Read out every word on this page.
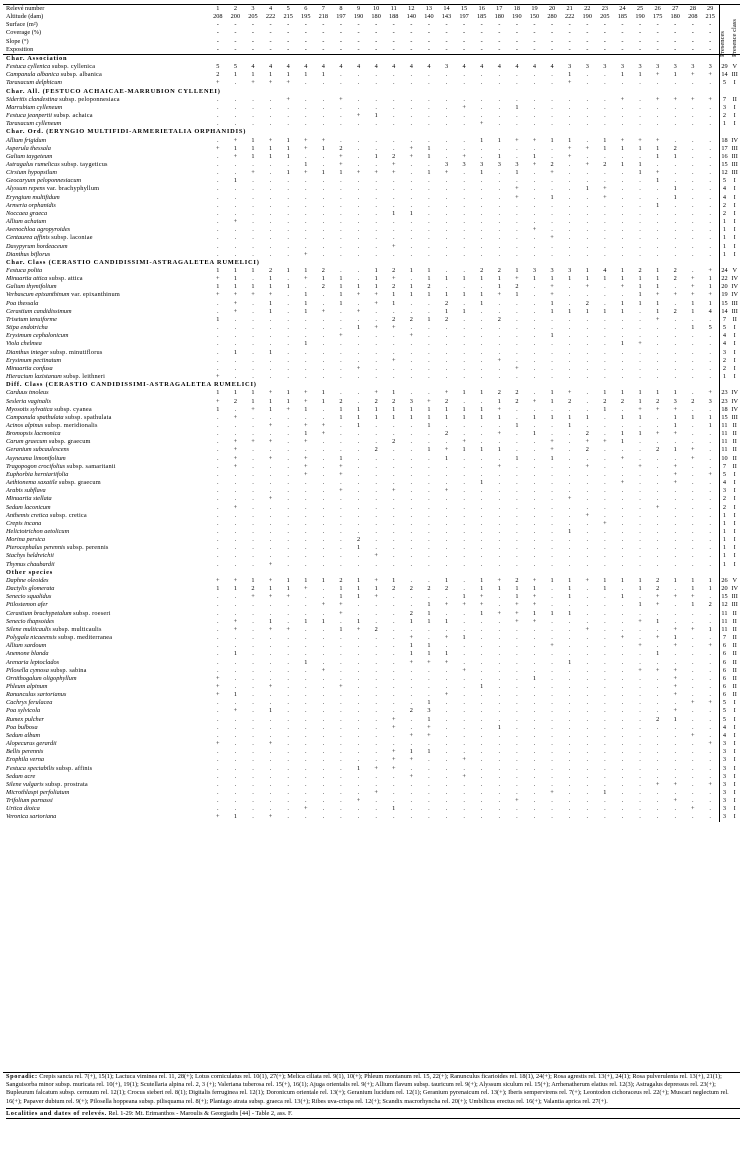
Relevé number	1	2	3	4	5	6	7	8	9	10	11	12	13	14	15	16	17	18	19	20	21	22	23	24	25	26	27	28	29		
Altitude (dam)	208	200	205	222	215	195	218	197	190	180	188	140	140	143	197	185	180	190	150	280	222	190	205	185	190	175	180	208	215		
Surface (m²)	-	-	-	-	-	-	-	-	-	-	-	-	-	-	-	-	-	-	-	-	-	-	-	-	-	-	-	-	-		
Coverage (%)	-	-	-	-	-	-	-	-	-	-	-	-	-	-	-	-	-	-	-	-	-	-	-	-	-	-	-	-	-		
Slope (°)	-	-	-	-	-	-	-	-	-	-	-	-	-	-	-	-	-	-	-	-	-	-	-	-	-	-	-	-	-		
Exposition	-	-	-	-	-	-	-	-	-	-	-	-	-	-	-	-	-	-	-	-	-	-	-	-	-	-	-	-	-		
Char. Association																															
Festuca cyllenica subsp. cyllenica	5	5	4	4	4	4	4	4	4	4	4	4	4	3	4	4	4	4	4	4	3	3	3	3	3	3	3	3	3	29	V
Campanula albanica subsp. albanica	2	1	1	1	1	1	1	.	.	.	.	.	.	.	.	.	.	.	.	.	1	.	.	1	1	+	1	+	+	14	III
Taraxacum delphicum	+	.	+	+	+	.	.	.	.	.	.	.	.	.	.	.	.	.	.	.	+	.	.	.	.	.	.	.	.	5	I
Char. All. (FESTUCO ACHAICAE-MARRUBION CYLLENEI)																															
Sideritis clandestina subsp. peloponnesiaca	.	.	.	.	+	.	.	+	.	.	.	.	.	.	.	.	.	.	.	.	.	.	.	+	.	+	+	+	+	7	II
Marrubium cylleneum	.	.	.	.	.	.	.	.	.	.	.	.	.	.	+	.	.	1	.	.	.	.	.	.	.	.	.	.	.	3	I
Festuca jeanpertii subsp. achaica	.	.	.	.	.	.	.	.	+	1	.	.	.	.	.	.	.	.	.	.	.	.	.	.	.	.	.	.	.	2	I
Taraxacum cylleneum	.	.	.	.	.	.	.	.	.	.	.	.	.	.	.	+	.	.	.	.	.	.	.	.	.	.	.	.	.	1	I
Char. Ord. (ERYNGIO MULTIFIDI-ARMERIETALIA ORPHANIDIS)																															
Allium frigidum	.	+	1	+	1	+	+	.	.	.	.	.	.	.	.	1	1	+	+	1	1	.	1	+	+	+	.	.	.	18	IV
Asperula thessala	+	1	1	1	1	+	1	2	.	.	.	+	1	.	.	.	.	.	.	.	+	+	1	1	1	1	2	.	.	17	III
Galium taygeteum	.	+	1	1	1	.	.	+	.	1	2	+	1	.	+	.	1	.	1	.	+	.	.	.	.	1	1	.	.	16	III
Astragalus rumelicus subsp. taygeticus	.	.	.	.	.	1	.	+	.	.	+	.	.	3	3	3	3	3	+	2	.	+	2	1	1	.	.	.	.	15	III
Cirsium hypopsilum	.	.	+	.	1	+	1	1	+	+	+	.	1	+	.	1	.	1	.	+	.	.	.	.	1	+	.	.	.	12	III
Geocaryum peloponnesiacum	.	1	.	.	.	.	.	.	.	.	.	.	.	.	.	.	.	.	.	.	.	.	.	.	.	1	.	.	.	5	I
Alyssum repens var. brachyphyllum	.	.	.	.	.	.	.	.	.	.	.	.	.	.	.	.	.	+	.	.	.	1	+	.	.	.	1	.	.	4	I
Eryngium multifidum	.	.	.	.	.	.	.	.	.	.	.	.	.	.	.	.	.	+	.	1	.	.	+	.	.	.	1	.	.	4	I
Armeria orphanidis	.	.	.	.	.	.	.	.	.	.	.	.	.	.	.	.	.	.	.	.	.	.	.	.	.	1	.	.	.	2	I
Noccaea graeca	.	.	.	.	.	.	.	.	.	.	1	1	.	.	.	.	.	.	.	.	.	.	.	.	.	.	.	.	.	2	I
Allium achaium	.	+	.	.	.	.	.	.	.	.	.	.	.	.	.	.	.	.	.	.	.	.	.	.	.	.	.	.	.	1	I
Avenochloa agropyroides	.	.	.	.	.	.	.	.	.	.	.	.	.	.	.	.	.	.	+	.	.	.	.	.	.	.	.	.	.	1	I
Centaurea affinis subsp. laconiae	.	.	.	.	.	.	.	.	.	.	.	.	.	.	.	.	.	.	.	+	.	.	.	.	.	.	.	.	.	1	I
Dasypyrum hordeaceum	.	.	.	.	.	.	.	.	.	.	+	.	.	.	.	.	.	.	.	.	.	.	.	.	.	.	.	.	.	1	I
Dianthus biflorus	.	.	.	.	.	+	.	.	.	.	.	.	.	.	.	.	.	.	.	.	.	.	.	.	.	.	.	.	.	1	I
Char. Class (CERASTIO CANDIDISSIMI-ASTRAGALETEA RUMELICI)																															
Festuca polita	1	1	1	2	1	1	2	.	.	1	2	1	1	.	.	2	2	1	3	3	3	1	4	1	2	1	2	.	+	24	V
Minuartia attica subsp. attica	+	1	.	1	.	+	1	1	.	1	+	.	1	1	1	1	1	+	1	1	1	1	1	1	1	1	2	+	1	22	IV
Galium thymifolium	1	1	1	1	1	.	2	1	1	1	2	1	2	.	.	.	1	2	.	+	.	+	.	+	1	1	.	+	1	20	IV
Verbascum epixanthinum var. epixanthinum	+	+	+	+	.	1	.	1	+	+	1	1	1	1	1	1	+	1	.	+	.	.	.	.	1	+	+	+	+	19	IV
Poa thessala	.	+	.	1	.	1	.	1	.	+	1	.	.	2	.	1	.	.	.	1	.	2	.	1	1	1	.	1	1	15	III
Cerastium candidissimum	.	+	.	1	.	1	+	.	+	.	.	.	.	1	1	.	.	.	.	1	1	1	1	1	.	1	2	1	4	14	III
Trisetum tenuiforme	1	.	.	.	.	.	.	.	.	.	2	2	1	2	.	.	2	.	.	.	.	.	.	.	.	+	.	.	.	7	II
Stipa endotricha	.	.	.	.	.	.	.	.	1	+	+	.	.	.	.	.	.	.	.	.	.	.	.	.	.	.	.	1	5	5	I
Erysimum cephalonicum	.	.	.	.	.	.	.	+	.	.	.	+	.	.	.	.	.	.	.	1	.	.	.	.	.	.	.	.	.	4	I
Viola chelmea	.	.	.	.	.	1	.	.	.	.	.	.	.	.	.	.	.	.	.	.	.	.	.	1	+	.	.	.	.	4	I
Dianthus integer subsp. minutiflorus	.	1	.	1	.	.	.	.	.	.	.	.	.	.	.	.	.	.	.	.	.	.	.	.	.	.	.	.	.	3	I
Erysimum pectinatum	.	.	.	.	.	.	.	.	.	.	+	.	.	.	.	.	+	.	.	.	.	.	.	.	.	.	.	.	.	2	I
Minuartia confusa	.	.	.	.	.	.	.	.	+	.	.	.	.	.	.	.	.	+	.	.	.	.	.	.	.	.	.	.	.	2	I
Hieracium lazistanum subsp. leithneri	+	.	.	.	.	.	.	.	.	.	.	.	.	.	.	.	.	.	.	.	.	.	.	.	.	.	.	.	.	1	I
Diff. Class (CERASTIO CANDIDISSIMI-ASTRAGALETEA RUMELICI)																															
Carduus tmoleus	1	1	1	+	1	+	1	.	.	+	1	.	.	+	1	1	2	2	.	1	+	.	1	1	1	1	1	.	+	23	IV
Sesleria vaginalis	+	2	1	1	1	+	1	2	.	2	2	3	+	2	.	.	1	2	+	1	2	.	2	2	1	2	3	2	3	23	IV
Myosotis sylvatica subsp. cyanea	1	.	+	1	+	1	.	1	1	1	1	1	1	1	1	1	+	.	.	.	.	.	1	.	+	+	+	.	.	18	IV
Campanula spathulata subsp. spathulata	.	+	.	.	.	.	.	1	1	1	1	1	1	1	1	1	1	.	1	1	1	1	.	1	1	.	1	1	1	15	III
Acinos alpinus subsp. meridionalis	.	.	.	+	.	+	+	.	1	.	.	.	1	.	.	.	.	1	.	.	1	.	.	.	.	.	1	.	1	11	II
Bromopsis lacmonica	.	.	.	.	.	1	+	.	.	.	.	.	.	2	.	.	+	.	1	.	.	2	.	1	1	+	+	.	.	11	II
Carum graecum subsp. graecum	.	+	+	+	.	+	.	.	.	.	2	.	.	.	+	.	.	.	.	+	.	+	+	1	.	.	.	.	.	11	II
Geranium subcaulescens	.	+	.	.	.	.	.	.	.	2	.	.	1	+	1	1	1	.	.	+	.	2	.	.	.	2	1	+	.	11	II
Asyneuma limonifolium	.	+	.	+	.	+	.	1	.	.	.	.	.	1	.	.	.	1	.	1	.	.	.	+	.	.	.	+	.	10	II
Tragopogon crocifolius subsp. samaritanii	.	+	.	.	.	+	.	+	.	.	.	.	.	.	.	.	+	.	.	.	.	+	.	.	+	.	+	.	.	7	II
Euphorbia herniariifolia	.	.	.	.	.	+	.	+	.	.	.	.	.	.	.	.	.	.	.	.	.	.	.	.	.	.	+	.	+	5	I
Aethionema saxatile subsp. graecum	.	.	.	.	.	.	.	.	.	.	.	.	.	.	.	1	.	.	.	.	.	.	.	+	.	.	+	.	.	4	I
Arabis subflava	.	.	.	.	.	.	.	+	.	.	+	.	.	+	.	.	.	.	.	.	.	.	.	.	.	.	.	.	.	3	I
Minuartia stellata	.	.	.	+	.	.	.	.	.	.	.	.	.	.	.	.	.	.	.	.	+	.	.	.	.	.	.	.	.	2	I
Sedum laconicum	.	+	.	.	.	.	.	.	.	.	.	.	.	.	.	.	.	.	.	.	.	.	.	.	.	+	.	.	.	2	I
Anthemis cretica subsp. cretica	.	.	.	.	.	.	.	.	.	.	.	.	.	.	.	.	.	.	.	.	.	+	.	.	.	.	.	.	.	1	I
Crepis incana	.	.	.	.	.	.	.	.	.	.	.	.	.	.	.	.	.	.	.	.	.	.	+	.	.	.	.	.	.	1	I
Helictotrichon aetolicum	.	.	.	.	.	.	.	.	.	.	.	.	.	.	.	.	.	.	.	.	1	.	.	.	.	.	.	.	.	1	I
Morina persica	.	.	.	.	.	.	.	.	2	.	.	.	.	.	.	.	.	.	.	.	.	.	.	.	.	.	.	.	.	1	I
Pterocephalus perennis subsp. perennis	.	.	.	.	.	.	.	.	1	.	.	.	.	.	.	.	.	.	.	.	.	.	.	.	.	.	.	.	.	1	I
Stachys heldreichii	.	.	.	.	.	.	.	.	.	+	.	.	.	.	.	.	.	.	.	.	.	.	.	.	.	.	.	.	.	1	I
Thymus chaubardii	.	.	.	+	.	.	.	.	.	.	.	.	.	.	.	.	.	.	.	.	.	.	.	.	.	.	.	.	.	1	I
Other species																															
Daphne oleoides	+	+	1	+	1	1	1	2	1	+	1	.	.	1	.	1	+	2	+	1	1	+	1	1	1	2	1	1	1	26	V
Dactylis glomerata	1	1	2	1	1	+	.	1	1	1	2	2	2	2	.	1	1	1	1	.	1	.	1	.	1	2	.	1	1	20	IV
Senecio squalidus	.	.	+	+	+	.	.	1	1	+	.	.	.	.	1	+	.	1	+	.	1	.	.	1	.	+	+	+	.	15	III
Ptilostemon afer	.	.	.	.	.	.	+	+	.	.	.	.	1	+	+	+	.	+	+	.	.	.	.	.	1	+	.	1	2	12	III
Cerastium brachypetalum subsp. roeseri	.	.	.	.	.	.	.	+	.	.	.	2	1	.	.	1	+	+	1	1	1	.	.	.	.	.	.	.	.	11	II
Senecio thapsoides	.	+	.	1	.	1	1	.	1	.	.	1	1	1	.	.	.	+	+	.	.	.	.	.	+	1	.	.	.	11	II
Silene multicaulis subsp. multicaulis	.	+	.	+	+	.	.	1	+	2	.	.	.	.	.	.	.	.	.	.	.	+	.	.	.	.	+	+	1	11	II
Polygala nicaeensis subsp. mediterranea	.	.	.	.	.	.	.	.	.	.	.	+	.	+	1	.	.	.	.	.	.	.	.	+	.	+	1	.	.	7	II
Allium sardoum	.	.	.	.	.	.	.	.	.	.	.	1	1	.	.	.	.	.	.	+	.	.	.	.	+	.	+	.	+	6	II
Anemone blanda	.	1	.	.	.	.	.	.	.	.	.	1	1	1	.	.	.	.	.	.	.	.	.	.	.	1	.	.	.	6	II
Arenaria leptoclados	.	.	.	.	.	1	.	.	.	.	.	+	+	+	.	.	.	.	.	.	1	.	.	.	.	.	.	.	.	6	II
Pilosella cymosa subsp. sabina	.	.	.	.	.	.	+	.	.	.	.	.	.	.	+	.	.	.	.	.	.	.	.	.	+	+	+	.	.	6	II
Ornithogalum oligophyllum	+	.	.	.	.	.	.	.	.	.	.	.	.	.	.	.	.	.	1	.	.	.	.	.	.	.	+	.	.	6	II
Phleum alpinum	+	.	.	+	.	.	.	+	.	.	.	.	.	.	.	1	.	.	.	.	.	.	.	.	.	.	+	.	.	6	II
Ranunculus sartorianus	+	1	.	.	.	.	.	.	.	.	.	.	.	+	.	.	.	.	.	.	.	.	.	.	.	.	+	.	.	6	II
Cachrys ferulacea	.	.	.	.	.	.	.	.	.	.	.	.	1	.	.	.	.	.	.	.	.	.	.	.	.	.	.	+	+	5	I
Poa sylvicola	.	+	.	1	.	.	.	.	.	.	.	2	3	.	.	.	.	.	.	.	.	.	.	.	.	.	+	.	.	5	I
Rumex pulcher	.	.	.	.	.	.	.	.	.	.	+	.	1	.	.	.	.	.	.	.	.	.	.	.	.	2	1	.	.	5	I
Poa bulbosa	.	.	.	.	.	.	.	.	.	.	+	.	+	.	.	.	1	.	.	.	.	.	.	.	.	.	.	.	.	4	I
Sedum album	.	.	.	.	.	.	.	.	.	.	.	+	+	.	.	.	.	.	.	.	.	.	.	.	.	.	.	+	.	4	I
Alopecurus gerardii	+	.	.	+	.	.	.	.	.	.	.	.	.	.	.	.	.	.	.	.	.	.	.	.	.	.	.	.	+	3	I
Bellis perennis	.	.	.	.	.	.	.	.	.	.	+	1	1	.	.	.	.	.	.	.	.	.	.	.	.	.	.	.	.	3	I
Erophila verna	.	.	.	.	.	.	.	.	.	.	+	+	.	.	+	.	.	.	.	.	.	.	.	.	.	.	.	.	.	3	I
Festuca spectabilis subsp. affinis	.	.	.	.	.	.	.	.	1	+	+	.	.	.	.	.	.	.	.	.	.	.	.	.	.	.	.	.	.	3	I
Sedum acre	.	.	.	.	.	.	.	.	.	.	.	+	.	.	+	.	.	.	.	.	.	.	.	.	.	.	.	.	.	3	I
Silene vulgaris subsp. prostrata	.	.	.	.	.	.	.	.	.	.	.	.	.	.	.	.	.	.	.	.	.	.	.	.	.	+	+	.	+	3	I
Microthlaspi perfoliatum	.	.	.	.	.	.	.	.	.	+	.	.	.	.	.	.	.	.	.	+	.	.	1	.	.	.	.	.	.	3	I
Trifolium parnassi	.	.	.	.	.	.	.	.	+	.	.	.	.	.	.	.	.	+	.	.	.	.	.	.	.	.	+	.	.	3	I
Urtica dioica	.	.	.	.	.	+	.	.	.	.	1	.	.	.	.	.	.	.	.	.	.	.	.	.	.	.	.	+	.	3	I
Veronica sartoriana	+	1	.	+	.	.	.	.	.	.	.	.	.	.	.	.	.	.	.	.	.	.	.	.	.	.	.	.	.	3	I
Sporadic: Crepis sancta rel. 7(+), 15(1); Lactuca viminea rel. 11, 28(+); Lotus corniculatus rel. 10(1), 27(+); Melica ciliata rel. 9(1), 10(+); Phleum montanum rel. 15, 22(+); Ranunculus ficarioides rel. 18(1), 24(+); Rosa agrestis rel. 13(+), 24(1); Rosa pulverulenta rel. 13(+), 21(1); Sanguisorba minor subsp. muricata rel. 10(+), 19(1); Scutellaria alpina rel. 2, 3 (+); Valeriana tuberosa rel. 15(+), 16(1); Ajuga orientalis rel. 9(+); Allium flavum subsp. tauricum rel. 9(+); Alyssum siculum rel. 15(+); Arrhenatherum elatius rel. 12(3); Astragalus depressus rel. 23(+); Bupleurum falcatum subsp. cernuum rel. 12(1); Crocus sieberi rel. 8(1); Digitalis ferruginea rel. 12(1); Doronicum orientale rel. 13(+); Geranium lucidum rel. 12(1); Geranium pyrenaicum rel. 13(+); Iberis sempervirens rel. 7(+); Leontodon cichoraceus rel. 22(+); Muscari neglectum rel. 16(+); Papaver dubium rel. 9(+); Pilosella hoppeana subsp. pilisquama rel. 8(+); Plantago atrata subsp. graeca rel. 13(+); Ribes uva-crispa rel. 12(+); Scandix macrorhyncha rel. 20(+); Umbilicus erectus rel. 16(+); Valantia aprica rel. 27(+).
Localities and dates of relevés. Rel. 1-29: Mt. Erimanthos - Maroulis & Georgiadis [44] - Table 2, ass. F.
Presences Presence class
